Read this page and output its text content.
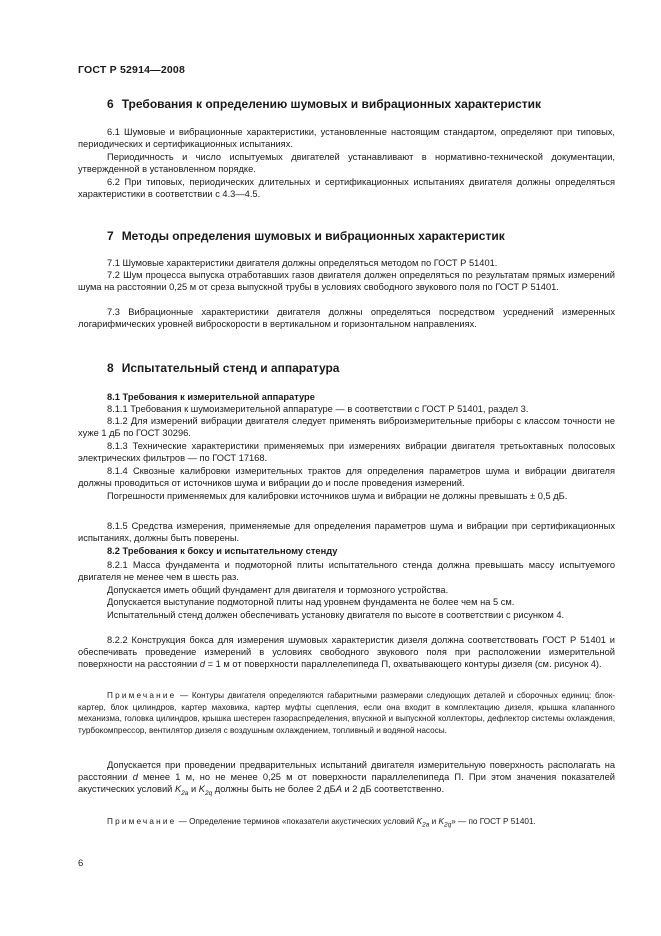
ГОСТ Р 52914—2008
6 Требования к определению шумовых и вибрационных характеристик
6.1 Шумовые и вибрационные характеристики, установленные настоящим стандартом, определяют при типовых, периодических и сертификационных испытаниях.
Периодичность и число испытуемых двигателей устанавливают в нормативно-технической документации, утвержденной в установленном порядке.
6.2 При типовых, периодических длительных и сертификационных испытаниях двигателя должны определяться характеристики в соответствии с 4.3—4.5.
7 Методы определения шумовых и вибрационных характеристик
7.1 Шумовые характеристики двигателя должны определяться методом по ГОСТ Р 51401.
7.2 Шум процесса выпуска отработавших газов двигателя должен определяться по результатам прямых измерений шума на расстоянии 0,25 м от среза выпускной трубы в условиях свободного звукового поля по ГОСТ Р 51401.
7.3 Вибрационные характеристики двигателя должны определяться посредством усреднений измеренных логарифмических уровней виброскорости в вертикальном и горизонтальном направлениях.
8 Испытательный стенд и аппаратура
8.1 Требования к измерительной аппаратуре
8.1.1 Требования к шумоизмерительной аппаратуре — в соответствии с ГОСТ Р 51401, раздел 3.
8.1.2 Для измерений вибрации двигателя следует применять виброизмерительные приборы с классом точности не хуже 1 дБ по ГОСТ 30296.
8.1.3 Технические характеристики применяемых при измерениях вибрации двигателя третьоктавных полосовых электрических фильтров — по ГОСТ 17168.
8.1.4 Сквозные калибровки измерительных трактов для определения параметров шума и вибрации двигателя должны проводиться от источников шума и вибрации до и после проведения измерений.
Погрешности применяемых для калибровки источников шума и вибрации не должны превышать ± 0,5 дБ.
8.1.5 Средства измерения, применяемые для определения параметров шума и вибрации при сертификационных испытаниях, должны быть поверены.
8.2 Требования к боксу и испытательному стенду
8.2.1 Масса фундамента и подмоторной плиты испытательного стенда должна превышать массу испытуемого двигателя не менее чем в шесть раз.
Допускается иметь общий фундамент для двигателя и тормозного устройства.
Допускается выступание подмоторной плиты над уровнем фундамента не более чем на 5 см.
Испытательный стенд должен обеспечивать установку двигателя по высоте в соответствии с рисунком 4.
8.2.2 Конструкция бокса для измерения шумовых характеристик дизеля должна соответствовать ГОСТ Р 51401 и обеспечивать проведение измерений в условиях свободного звукового поля при расположении измерительной поверхности на расстоянии d = 1 м от поверхности параллелепипеда П, охватывающего контуры дизеля (см. рисунок 4).
Примечание — Контуры двигателя определяются габаритными размерами следующих деталей и сборочных единиц: блок-картер, блок цилиндров, картер маховика, картер муфты сцепления, если она входит в комплектацию дизеля, крышка клапанного механизма, головка цилиндров, крышка шестерен газораспределения, впускной и выпускной коллекторы, дефлектор системы охлаждения, турбокомпрессор, вентилятор дизеля с воздушным охлаждением, топливный и водяной насосы.
Допускается при проведении предварительных испытаний двигателя измерительную поверхность располагать на расстоянии d менее 1 м, но не менее 0,25 м от поверхности параллелепипеда П. При этом значения показателей акустических условий $K_{2a}$ и $K_{2q}$ должны быть не более 2 дБA и 2 дБ соответственно.
Примечание — Определение терминов «показатели акустических условий $K_{2a}$ и $K_{2q}$» — по ГОСТ Р 51401.
6
